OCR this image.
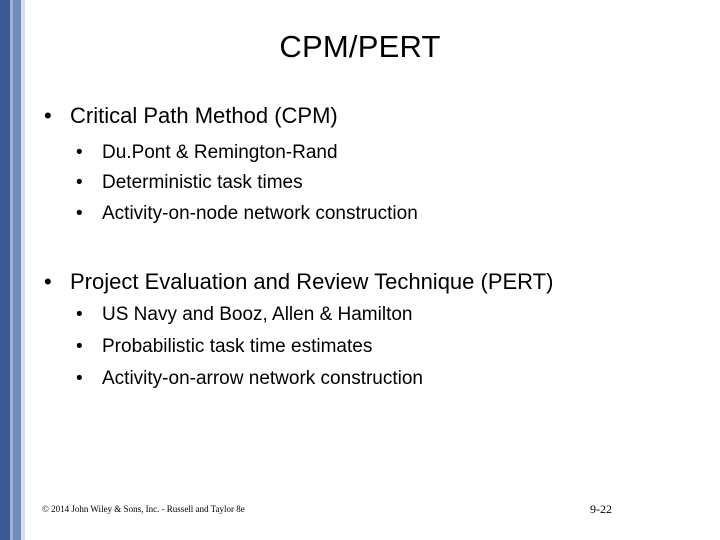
CPM/PERT
• Critical Path Method (CPM)
• Du.Pont & Remington-Rand
• Deterministic task times
• Activity-on-node network construction
• Project Evaluation and Review Technique (PERT)
• US Navy and Booz, Allen & Hamilton
• Probabilistic task time estimates
• Activity-on-arrow network construction
© 2014 John Wiley & Sons, Inc. - Russell and Taylor 8e	9-22
